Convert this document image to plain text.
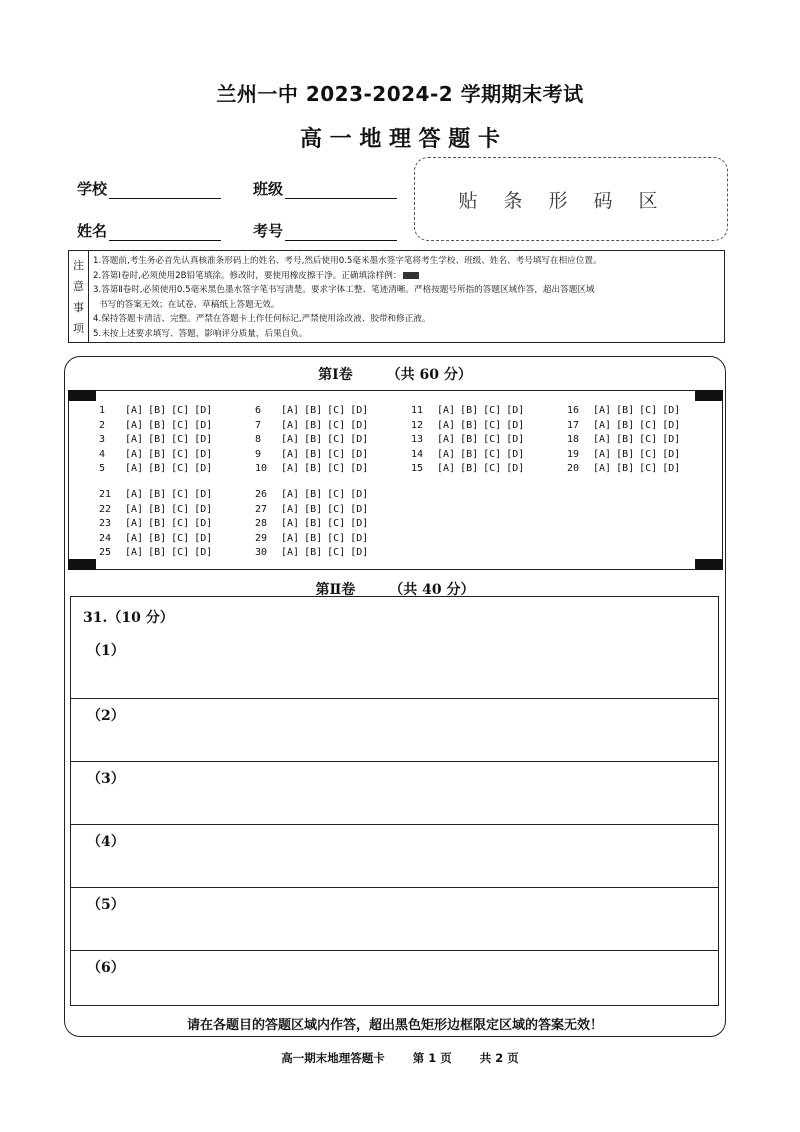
兰州一中 2023-2024-2 学期期末考试
高 一 地 理 答 题 卡
学校	班级
姓名	考号
贴条形码区
注
意
事
项
1.答题前,考生务必首先认真核准条形码上的姓名、考号,然后使用0.5毫米墨水签字笔将考生学校、班级、姓名、考号填写在相应位置。
2.答第Ⅰ卷时,必须使用2B铅笔填涂。修改时，要使用橡皮擦干净。正确填涂样例：
3.答第Ⅱ卷时,必须使用0.5毫米黑色墨水签字笔书写清楚。要求字体工整、笔迹清晰。严格按题号所指的答题区域作答，超出答题区域
书写的答案无效；在试卷、草稿纸上答题无效。
4.保持答题卡清洁、完整。严禁在答题卡上作任何标记,严禁使用涂改液、胶带和修正液。
5.未按上述要求填写、答题，影响评分质量，后果自负。
第Ⅰ卷 （共 60 分）
1 [A] [B] [C] [D]
2 [A] [B] [C] [D]
3 [A] [B] [C] [D]
4 [A] [B] [C] [D]
5 [A] [B] [C] [D]
6 [A] [B] [C] [D]
7 [A] [B] [C] [D]
8 [A] [B] [C] [D]
9 [A] [B] [C] [D]
10 [A] [B] [C] [D]
11 [A] [B] [C] [D]
12 [A] [B] [C] [D]
13 [A] [B] [C] [D]
14 [A] [B] [C] [D]
15 [A] [B] [C] [D]
16 [A] [B] [C] [D]
17 [A] [B] [C] [D]
18 [A] [B] [C] [D]
19 [A] [B] [C] [D]
20 [A] [B] [C] [D]
21 [A] [B] [C] [D]
22 [A] [B] [C] [D]
23 [A] [B] [C] [D]
24 [A] [B] [C] [D]
25 [A] [B] [C] [D]
26 [A] [B] [C] [D]
27 [A] [B] [C] [D]
28 [A] [B] [C] [D]
29 [A] [B] [C] [D]
30 [A] [B] [C] [D]
第Ⅱ卷 （共 40 分）
31.（10 分）
（1）
（2）
（3）
（4）
（5）
（6）
请在各题目的答题区域内作答，超出黑色矩形边框限定区域的答案无效！
高一期末地理答题卡 第 1 页 共 2 页
